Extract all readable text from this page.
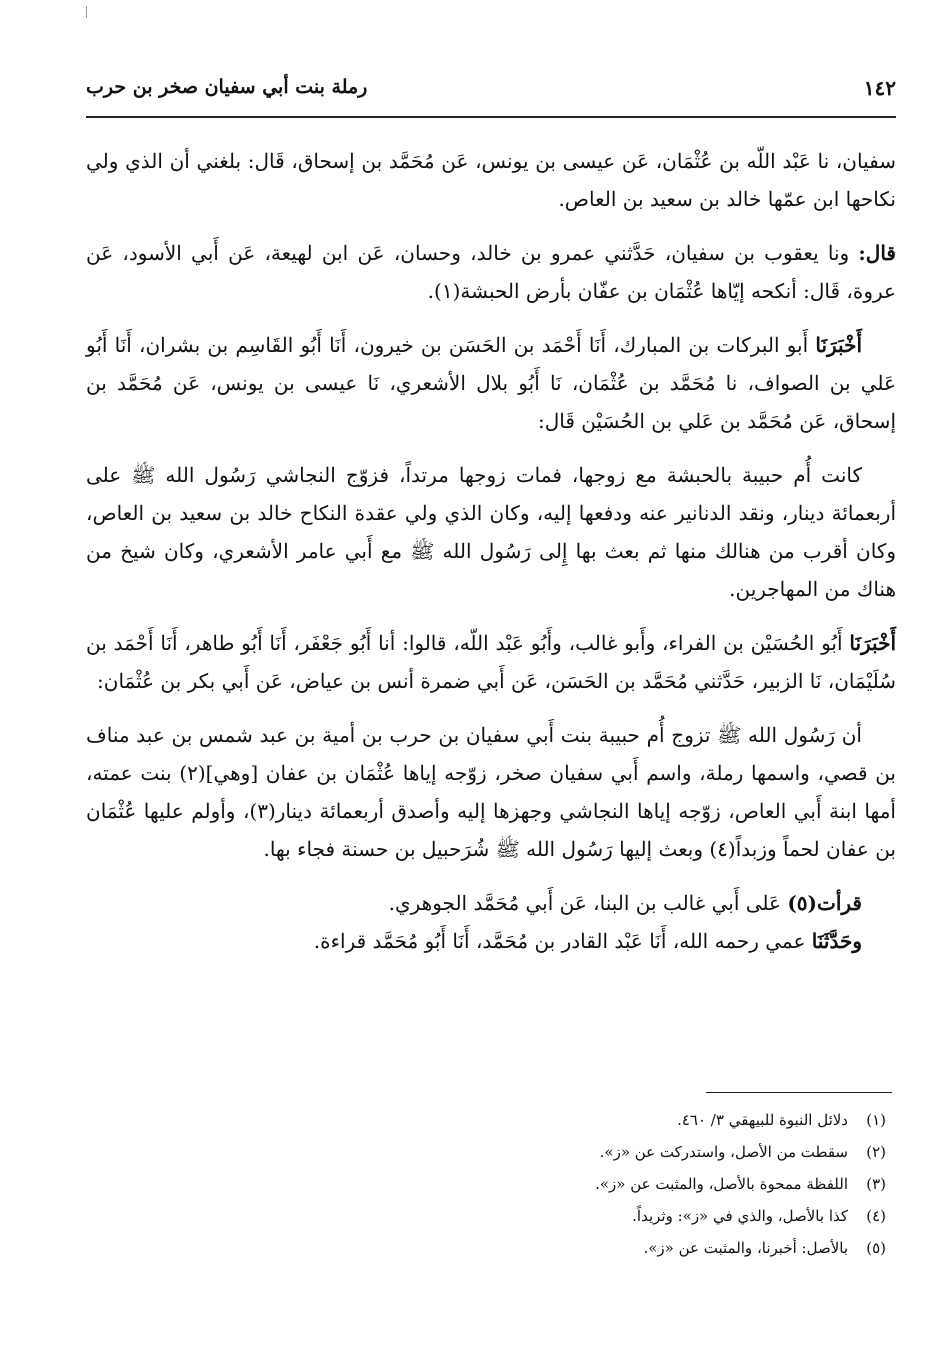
١٤٢
رملة بنت أبي سفيان صخر بن حرب

سفيان، نا عَبْد اللّه بن عُثْمَان، عَن عيسى بن يونس، عَن مُحَمَّد بن إسحاق، قَال: بلغني أن الذي ولي نكاحها ابن عمّها خالد بن سعيد بن العاص.

قال: ونا يعقوب بن سفيان، حَدَّثني عمرو بن خالد، وحسان، عَن ابن لهيعة، عَن أَبي الأسود، عَن عروة، قَال: أنكحه إيّاها عُثْمَان بن عفّان بأرض الحبشة(١).

أَخْبَرَنَا أَبو البركات بن المبارك، أَنَا أَحْمَد بن الحَسَن بن خيرون، أَنَا أَبُو القَاسِم بن بشران، أَنَا أَبُو عَلي بن الصواف، نا مُحَمَّد بن عُثْمَان، نَا أَبُو بلال الأشعري، نَا عيسى بن يونس، عَن مُحَمَّد بن إسحاق، عَن مُحَمَّد بن عَلي بن الحُسَيْن قَال:

كانت أُم حبيبة بالحبشة مع زوجها، فمات زوجها مرتداً، فزوّج النجاشي رَسُول الله ﷺ على أربعمائة دينار، ونقد الدنانير عنه ودفعها إليه، وكان الذي ولي عقدة النكاح خالد بن سعيد بن العاص، وكان أقرب من هنالك منها ثم بعث بها إِلى رَسُول الله ﷺ مع أَبي عامر الأشعري، وكان شيخ من هناك من المهاجرين.

أَخْبَرَنَا أَبُو الحُسَيْن بن الفراء، وأَبو غالب، وأَبُو عَبْد اللّه، قالوا: أنا أَبُو جَعْفَر، أَنَا أَبُو طاهر، أَنَا أَحْمَد بن سُلَيْمَان، نَا الزبير، حَدَّثني مُحَمَّد بن الحَسَن، عَن أَبي ضمرة أنس بن عياض، عَن أَبي بكر بن عُثْمَان:

أن رَسُول الله ﷺ تزوج أُم حبيبة بنت أَبي سفيان بن حرب بن أمية بن عبد شمس بن عبد مناف بن قصي، واسمها رملة، واسم أَبي سفيان صخر، زوّجه إياها عُثْمَان بن عفان [وهي](٢) بنت عمته، أمها ابنة أَبي العاص، زوّجه إياها النجاشي وجهزها إليه وأصدق أربعمائة دينار(٣)، وأولم عليها عُثْمَان بن عفان لحماً وزبداً(٤) وبعث إليها رَسُول الله ﷺ شُرَحبيل بن حسنة فجاء بها.

قرأت(٥) عَلى أَبي غالب بن البنا، عَن أَبي مُحَمَّد الجوهري.

وحَدَّثَنَا عمي رحمه الله، أَنَا عَبْد القادر بن مُحَمَّد، أَنَا أَبُو مُحَمَّد قراءة.

(١)دلائل النبوة للبيهقي ٣/ ٤٦٠.
(٢)سقطت من الأصل، واستدركت عن «ز».
(٣)اللفظة ممحوة بالأصل، والمثبت عن «ز».
(٤)كذا بالأصل، والذي في «ز»: وثريداً.
(٥)بالأصل: أخبرنا، والمثبت عن «ز».
